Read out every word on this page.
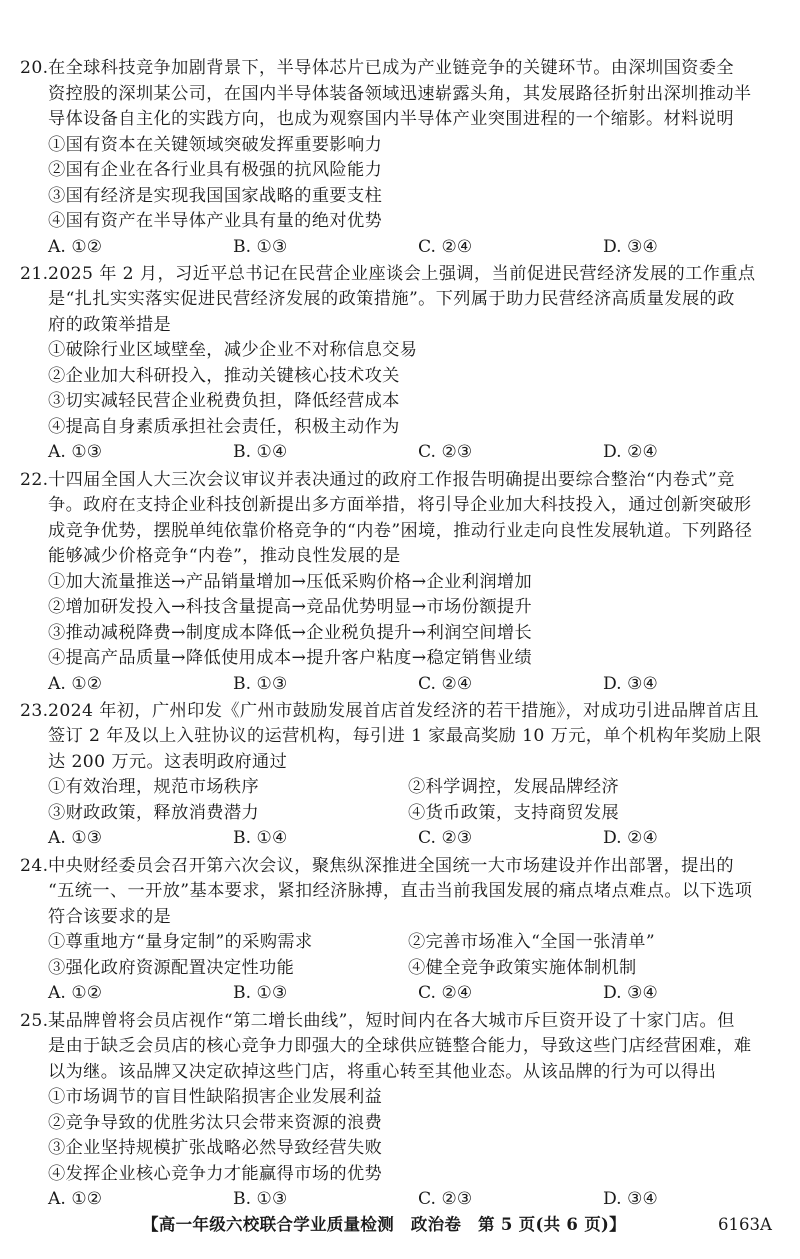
20.在全球科技竞争加剧背景下，半导体芯片已成为产业链竞争的关键环节。由深圳国资委全
资控股的深圳某公司，在国内半导体装备领域迅速崭露头角，其发展路径折射出深圳推动半
导体设备自主化的实践方向，也成为观察国内半导体产业突围进程的一个缩影。材料说明
①国有资本在关键领域突破发挥重要影响力
②国有企业在各行业具有极强的抗风险能力
③国有经济是实现我国国家战略的重要支柱
④国有资产在半导体产业具有量的绝对优势
A. ①②	B. ①③	C. ②④	D. ③④
21.2025 年 2 月，习近平总书记在民营企业座谈会上强调，当前促进民营经济发展的工作重点
是“扎扎实实落实促进民营经济发展的政策措施”。下列属于助力民营经济高质量发展的政
府的政策举措是
①破除行业区域壁垒，减少企业不对称信息交易
②企业加大科研投入，推动关键核心技术攻关
③切实减轻民营企业税费负担，降低经营成本
④提高自身素质承担社会责任，积极主动作为
A. ①③	B. ①④	C. ②③	D. ②④
22.十四届全国人大三次会议审议并表决通过的政府工作报告明确提出要综合整治“内卷式”竞
争。政府在支持企业科技创新提出多方面举措，将引导企业加大科技投入，通过创新突破形
成竞争优势，摆脱单纯依靠价格竞争的“内卷”困境，推动行业走向良性发展轨道。下列路径
能够减少价格竞争“内卷”，推动良性发展的是
①加大流量推送→产品销量增加→压低采购价格→企业利润增加
②增加研发投入→科技含量提高→竞品优势明显→市场份额提升
③推动减税降费→制度成本降低→企业税负提升→利润空间增长
④提高产品质量→降低使用成本→提升客户粘度→稳定销售业绩
A. ①②	B. ①③	C. ②④	D. ③④
23.2024 年初，广州印发《广州市鼓励发展首店首发经济的若干措施》，对成功引进品牌首店且
签订 2 年及以上入驻协议的运营机构，每引进 1 家最高奖励 10 万元，单个机构年奖励上限
达 200 万元。这表明政府通过
①有效治理，规范市场秩序	②科学调控，发展品牌经济
③财政政策，释放消费潜力	④货币政策，支持商贸发展
A. ①③	B. ①④	C. ②③	D. ②④
24.中央财经委员会召开第六次会议，聚焦纵深推进全国统一大市场建设并作出部署，提出的
“五统一、一开放”基本要求，紧扣经济脉搏，直击当前我国发展的痛点堵点难点。以下选项
符合该要求的是
①尊重地方“量身定制”的采购需求	②完善市场准入“全国一张清单”
③强化政府资源配置决定性功能	④健全竞争政策实施体制机制
A. ①②	B. ①③	C. ②④	D. ③④
25.某品牌曾将会员店视作“第二增长曲线”，短时间内在各大城市斥巨资开设了十家门店。但
是由于缺乏会员店的核心竞争力即强大的全球供应链整合能力，导致这些门店经营困难，难
以为继。该品牌又决定砍掉这些门店，将重心转至其他业态。从该品牌的行为可以得出
①市场调节的盲目性缺陷损害企业发展利益
②竞争导致的优胜劣汰只会带来资源的浪费
③企业坚持规模扩张战略必然导致经营失败
④发挥企业核心竞争力才能赢得市场的优势
A. ①②	B. ①③	C. ②③	D. ③④
【高一年级六校联合学业质量检测　政治卷　第 5 页(共 6 页)】	6163A
